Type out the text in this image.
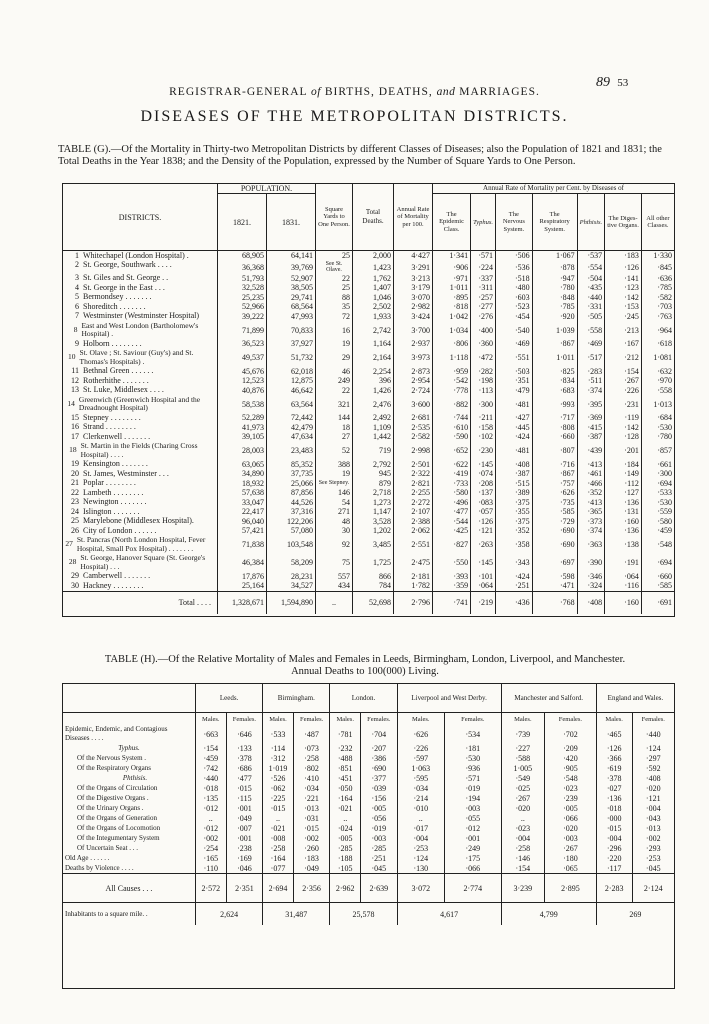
REGISTRAR-GENERAL of BIRTHS, DEATHS, and MARRIAGES.
89 53
DISEASES OF THE METROPOLITAN DISTRICTS.
TABLE (G).—Of the Mortality in Thirty-two Metropolitan Districts by different Classes of Diseases; also the Population of 1821 and 1831; the Total Deaths in the Year 1838; and the Density of the Population, expressed by the Number of Square Yards to One Person.
DISTRICTS.	POPULATION.		Square Yards to One Person.	Total Deaths.	Annual Rate of Mortality per 100.	Annual Rate of Mortality per Cent. by Diseases of						
	1821.	1831.				The Epidemic Class.	Typhus.	The Nervous System.	The Respiratory System.	Phthisis.	The Diges-tive Organs.	All other Classes.

1 Whitechapel (London Hospital) .	68,905	64,141	25	2,000	4·427	1·341	·571	·506	1·067	·537	·183	1·330

2 St. George, Southwark . . . .	36,368	39,769	See St. Olave.	1,423	3·291	·906	·224	·536	·878	·554	·126	·845

3 St. Giles and St. George . .	51,793	52,907	22	1,762	3·213	·971	·337	·518	·947	·504	·141	·636

4 St. George in the East . . .	32,528	38,505	25	1,407	3·179	1·011	·311	·480	·780	·435	·123	·785

5 Bermondsey . . . . . . .	25,235	29,741	88	1,046	3·070	·895	·257	·603	·848	·440	·142	·582

6 Shoreditch . . . . . . .	52,966	68,564	35	2,502	2·982	·818	·277	·523	·785	·331	·153	·703

7 Westminster (Westminster Hospital)	39,222	47,993	72	1,933	3·424	1·042	·276	·454	·920	·505	·245	·763

8 East and West London (Bartholomew's Hospital) .	71,899	70,833	16	2,742	3·700	1·034	·400	·540	1·039	·558	·213	·964

9 Holborn . . . . . . . .	36,523	37,927	19	1,164	2·937	·806	·360	·469	·867	·469	·167	·618

10 St. Olave ; St. Saviour (Guy's) and St. Thomas's Hospitals) .	49,537	51,732	29	2,164	3·973	1·118	·472	·551	1·011	·517	·212	1·081

11 Bethnal Green . . . . . .	45,676	62,018	46	2,254	2·873	·959	·282	·503	·825	·283	·154	·632

12 Rotherhithe . . . . . . .	12,523	12,875	249	396	2·954	·542	·198	·351	·834	·511	·267	·970

13 St. Luke, Middlesex . . . .	40,876	46,642	22	1,426	2·724	·778	·113	·479	·683	·374	·226	·558

14 Greenwich (Greenwich Hospital and the Dreadnought Hospital)	58,538	63,564	321	2,476	3·600	·882	·300	·481	·993	·395	·231	1·013

15 Stepney . . . . . . . .	52,289	72,442	144	2,492	2·681	·744	·211	·427	·717	·369	·119	·684

16 Strand . . . . . . . .	41,973	42,479	18	1,109	2·535	·610	·158	·445	·808	·415	·142	·530

17 Clerkenwell . . . . . . .	39,105	47,634	27	1,442	2·582	·590	·102	·424	·660	·387	·128	·780

18 St. Martin in the Fields (Charing Cross Hospital) . . . .	28,003	23,483	52	719	2·998	·652	·230	·481	·807	·439	·201	·857

19 Kensington . . . . . . .	63,065	85,352	388	2,792	2·501	·622	·145	·408	·716	·413	·184	·661

20 St. James, Westminster . . .	34,890	37,735	19	945	2·322	·419	·074	·387	·867	·461	·149	·300

21 Poplar . . . . . . . .	18,932	25,066	See Stepney.	879	2·821	·733	·208	·515	·757	·466	·112	·694

22 Lambeth . . . . . . . .	57,638	87,856	146	2,718	2·255	·580	·137	·389	·626	·352	·127	·533

23 Newington . . . . . . .	33,047	44,526	54	1,273	2·272	·496	·083	·375	·735	·413	·136	·530

24 Islington . . . . . . .	22,417	37,316	271	1,147	2·107	·477	·057	·355	·585	·365	·131	·559

25 Marylebone (Middlesex Hospital).	96,040	122,206	48	3,528	2·388	·544	·126	·375	·729	·373	·160	·580

26 City of London . . . . . .	57,421	57,080	30	1,202	2·062	·425	·121	·352	·690	·374	·136	·459

27 St. Pancras (North London Hospital, Fever Hospital, Small Pox Hospital) . . . . . . .	71,838	103,548	92	3,485	2·551	·827	·263	·358	·690	·363	·138	·548

28 St. George, Hanover Square (St. George's Hospital) . . .	46,384	58,209	75	1,725	2·475	·550	·145	·343	·697	·390	·191	·694

29 Camberwell . . . . . . .	17,876	28,231	557	866	2·181	·393	·101	·424	·598	·346	·064	·660

30 Hackney . . . . . . . .	25,164	34,527	434	784	1·782	·359	·064	·251	·471	·324	·116	·585
Total . . . .	1,328,671	1,594,890	..	52,698	2·796	·741	·219	·436	·768	·408	·160	·691
TABLE (H).—Of the Relative Mortality of Males and Females in Leeds, Birmingham, London, Liverpool, and Manchester.
Annual Deaths to 100(000) Living.
	Leeds.		Birmingham.		London.		Liverpool and West Derby.		Manchester and Salford.		England and Wales.	
	Males.	Females.	Males.	Females.	Males.	Females.	Males.	Females.	Males.	Females.	Males.	Females.
Epidemic, Endemic, and Contagious Diseases . . . .	·663	·646	·533	·487	·781	·704	·626	·534	·739	·702	·465	·440
Typhus.	·154	·133	·114	·073	·232	·207	·226	·181	·227	·209	·126	·124
Of the Nervous System .	·459	·378	·312	·258	·488	·386	·597	·530	·588	·420	·366	·297
Of the Respiratory Organs	·742	·686	1·019	·802	·851	·690	1·063	·936	1·005	·905	·619	·592
Phthisis.	·440	·477	·526	·410	·451	·377	·595	·571	·549	·548	·378	·408
Of the Organs of Circulation	·018	·015	·062	·034	·050	·039	·034	·019	·025	·023	·027	·020
Of the Digestive Organs .	·135	·115	·225	·221	·164	·156	·214	·194	·267	·239	·136	·121
Of the Urinary Organs .	·012	·001	·015	·013	·021	·005	·010	·003	·020	·005	·018	·004
Of the Organs of Generation	..	·049	..	·031	..	·056	..	·055	..	·066	·000	·043
Of the Organs of Locomotion	·012	·007	·021	·015	·024	·019	·017	·012	·023	·020	·015	·013
Of the Integumentary System	·002	·001	·008	·002	·005	·003	·004	·001	·004	·003	·004	·002
Of Uncertain Seat . . .	·254	·238	·258	·260	·285	·285	·253	·249	·258	·267	·296	·293
Old Age . . . . . .	·165	·169	·164	·183	·188	·251	·124	·175	·146	·180	·220	·253
Deaths by Violence . . . .	·110	·046	·077	·049	·105	·045	·130	·066	·154	·065	·117	·045
All Causes . . .	2·572	2·351	2·694	2·356	2·962	2·639	3·072	2·774	3·239	2·895	2·283	2·124
Inhabitants to a square mile. .	2,624		31,487		25,578		4,617		4,799		269	
